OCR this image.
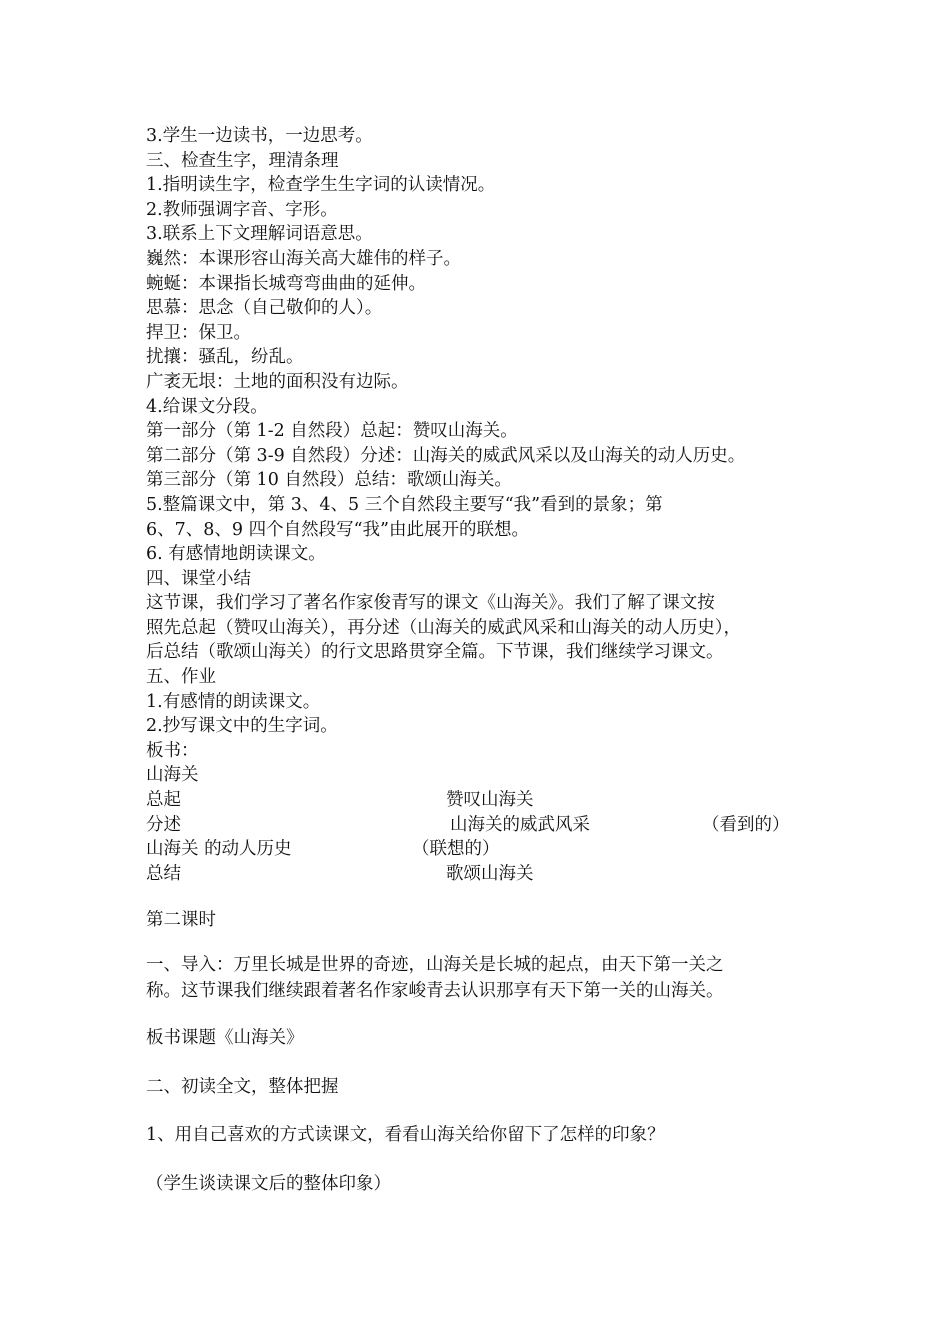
3.学生一边读书，一边思考。

三、检查生字，理清条理

1.指明读生字，检查学生生字词的认读情况。

2.教师强调字音、字形。

3.联系上下文理解词语意思。

巍然：本课形容山海关高大雄伟的样子。

蜿蜒：本课指长城弯弯曲曲的延伸。

思慕：思念（自己敬仰的人）。

捍卫：保卫。

扰攘：骚乱，纷乱。

广袤无垠：土地的面积没有边际。

4.给课文分段。

第一部分（第 1-2 自然段）总起：赞叹山海关。

第二部分（第 3-9 自然段）分述：山海关的威武风采以及山海关的动人历史。

第三部分（第 10 自然段）总结：歌颂山海关。

5.整篇课文中，第 3、4、5 三个自然段主要写“我”看到的景象；第

6、7、8、9 四个自然段写“我”由此展开的联想。

6. 有感情地朗读课文。

四、课堂小结

这节课，我们学习了著名作家俊青写的课文《山海关》。我们了解了课文按

照先总起（赞叹山海关），再分述（山海关的威武风采和山海关的动人历史），

后总结（歌颂山海关）的行文思路贯穿全篇。下节课，我们继续学习课文。

五、作业

1.有感情的朗读课文。

2.抄写课文中的生字词。

板书：

山海关

总起	赞叹山海关
分述	山海关的威武风采	（看到的）
山海关 的动人历史	（联想的）
总结	歌颂山海关

第二课时

一、导入：万里长城是世界的奇迹，山海关是长城的起点，由天下第一关之

称。这节课我们继续跟着著名作家峻青去认识那享有天下第一关的山海关。

板书课题《山海关》

二、初读全文，整体把握

1、用自己喜欢的方式读课文，看看山海关给你留下了怎样的印象？

（学生谈读课文后的整体印象）
